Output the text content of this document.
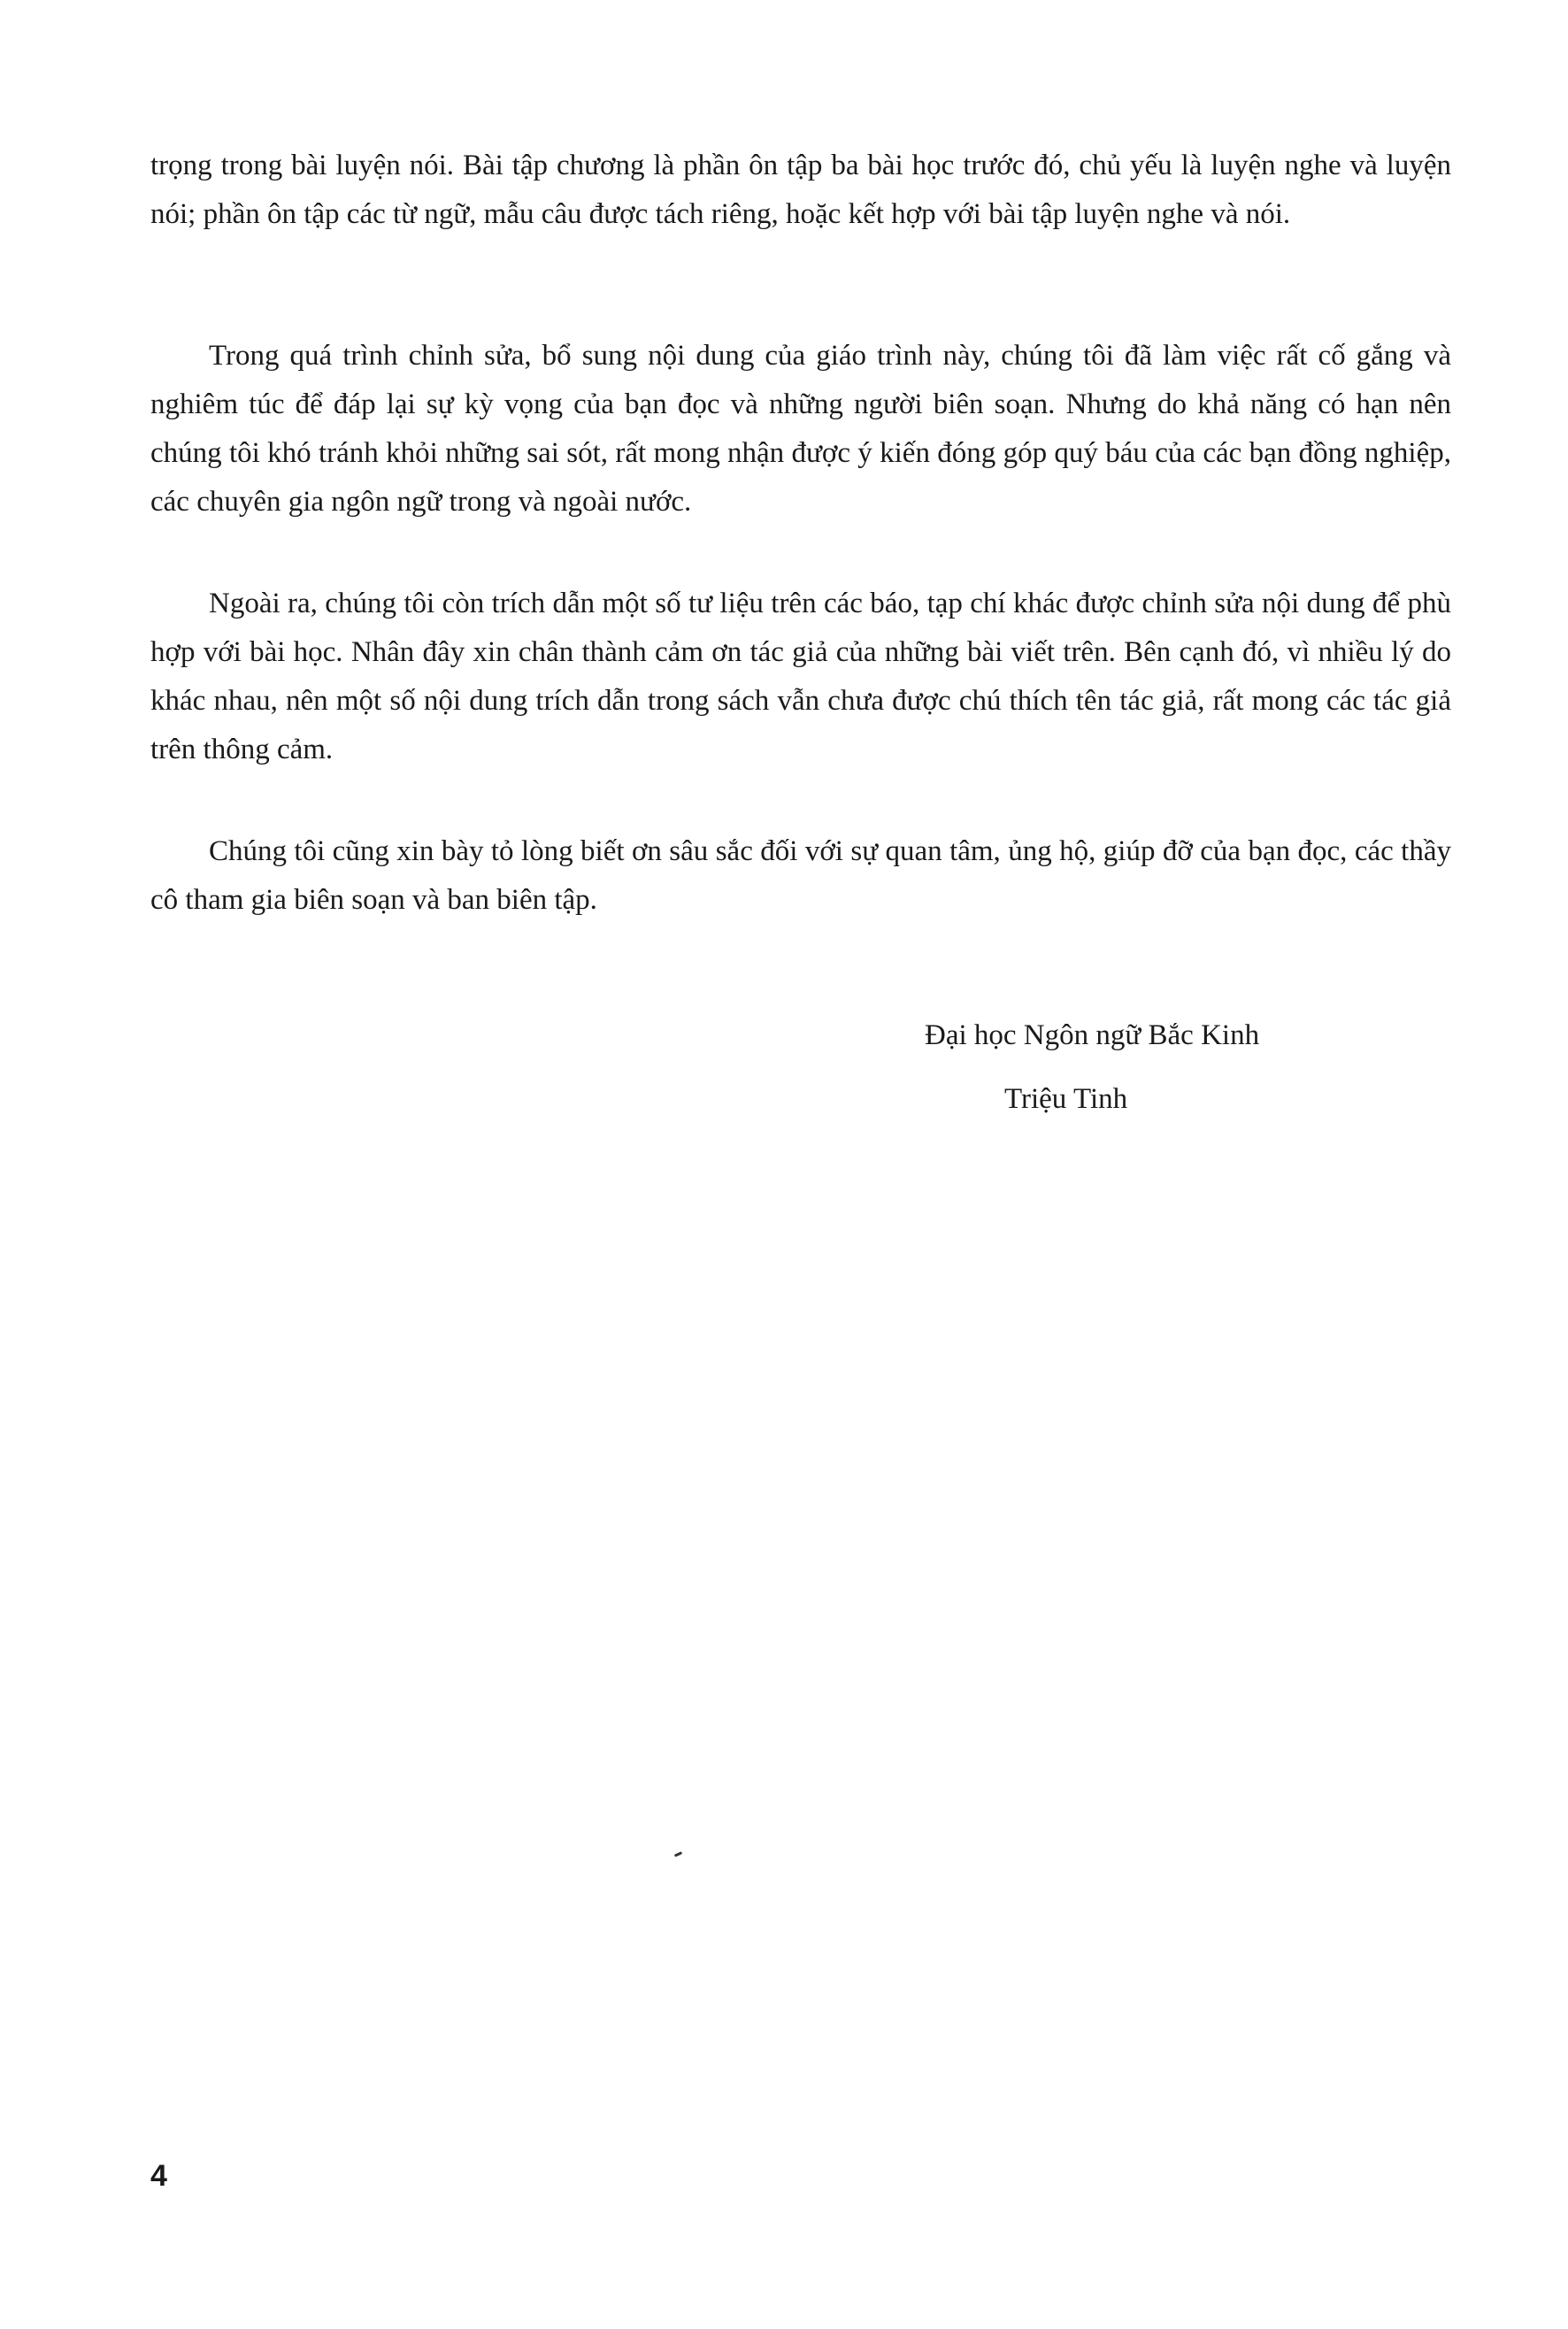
trọng trong bài luyện nói. Bài tập chương là phần ôn tập ba bài học trước đó, chủ yếu là luyện nghe và luyện nói; phần ôn tập các từ ngữ, mẫu câu được tách riêng, hoặc kết hợp với bài tập luyện nghe và nói.

Trong quá trình chỉnh sửa, bổ sung nội dung của giáo trình này, chúng tôi đã làm việc rất cố gắng và nghiêm túc để đáp lại sự kỳ vọng của bạn đọc và những người biên soạn. Nhưng do khả năng có hạn nên chúng tôi khó tránh khỏi những sai sót, rất mong nhận được ý kiến đóng góp quý báu của các bạn đồng nghiệp, các chuyên gia ngôn ngữ trong và ngoài nước.

Ngoài ra, chúng tôi còn trích dẫn một số tư liệu trên các báo, tạp chí khác được chỉnh sửa nội dung để phù hợp với bài học. Nhân đây xin chân thành cảm ơn tác giả của những bài viết trên. Bên cạnh đó, vì nhiều lý do khác nhau, nên một số nội dung trích dẫn trong sách vẫn chưa được chú thích tên tác giả, rất mong các tác giả trên thông cảm.

Chúng tôi cũng xin bày tỏ lòng biết ơn sâu sắc đối với sự quan tâm, ủng hộ, giúp đỡ của bạn đọc, các thầy cô tham gia biên soạn và ban biên tập.

Đại học Ngôn ngữ Bắc Kinh

Triệu Tinh

4
